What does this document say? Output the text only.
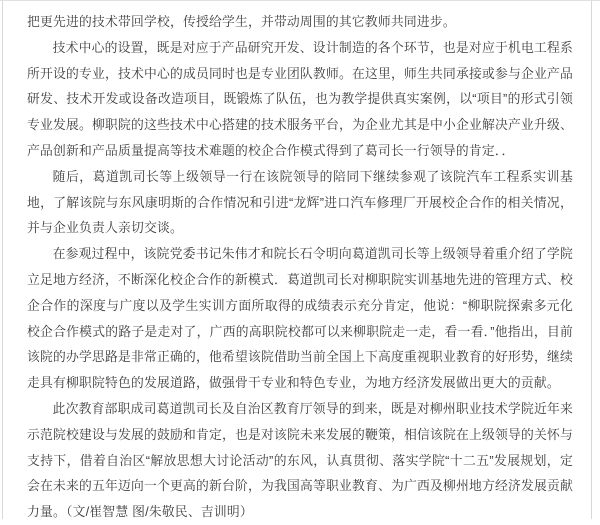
把更先进的技术带回学校，传授给学生，并带动周围的其它教师共同进步。

技术中心的设置，既是对应于产品研究开发、设计制造的各个环节，也是对应于机电工程系所开设的专业，技术中心的成员同时也是专业团队教师。在这里，师生共同承接或参与企业产品研发、技术开发或设备改造项目，既锻炼了队伍，也为教学提供真实案例，以“项目”的形式引领专业发展。柳职院的这些技术中心搭建的技术服务平台，为企业尤其是中小企业解决产业升级、产品创新和产品质量提高等技术难题的校企合作模式得到了葛司长一行领导的肯定．．

随后，葛道凯司长等上级领导一行在该院领导的陪同下继续参观了该院汽车工程系实训基地，了解该院与东风康明斯的合作情况和引进“龙辉”进口汽车修理厂开展校企合作的相关情况，并与企业负责人亲切交谈。

在参观过程中，该院党委书记朱伟才和院长石令明向葛道凯司长等上级领导着重介绍了学院立足地方经济，不断深化校企合作的新模式．葛道凯司长对柳职院实训基地先进的管理方式、校企合作的深度与广度以及学生实训方面所取得的成绩表示充分肯定，他说：“柳职院探索多元化校企合作模式的路子是走对了，广西的高职院校都可以来柳职院走一走，看一看．”他指出，目前该院的办学思路是非常正确的，他希望该院借助当前全国上下高度重视职业教育的好形势，继续走具有柳职院特色的发展道路，做强骨干专业和特色专业，为地方经济发展做出更大的贡献。

此次教育部职成司葛道凯司长及自治区教育厅领导的到来，既是对柳州职业技术学院近年来示范院校建设与发展的鼓励和肯定，也是对该院未来发展的鞭策，相信该院在上级领导的关怀与支持下，借着自治区“解放思想大讨论活动”的东风，认真贯彻、落实学院“十二五”发展规划，定会在未来的五年迈向一个更高的新台阶，为我国高等职业教育、为广西及柳州地方经济发展贡献力量。（文/崔智慧 图/朱敬民、吉训明）
